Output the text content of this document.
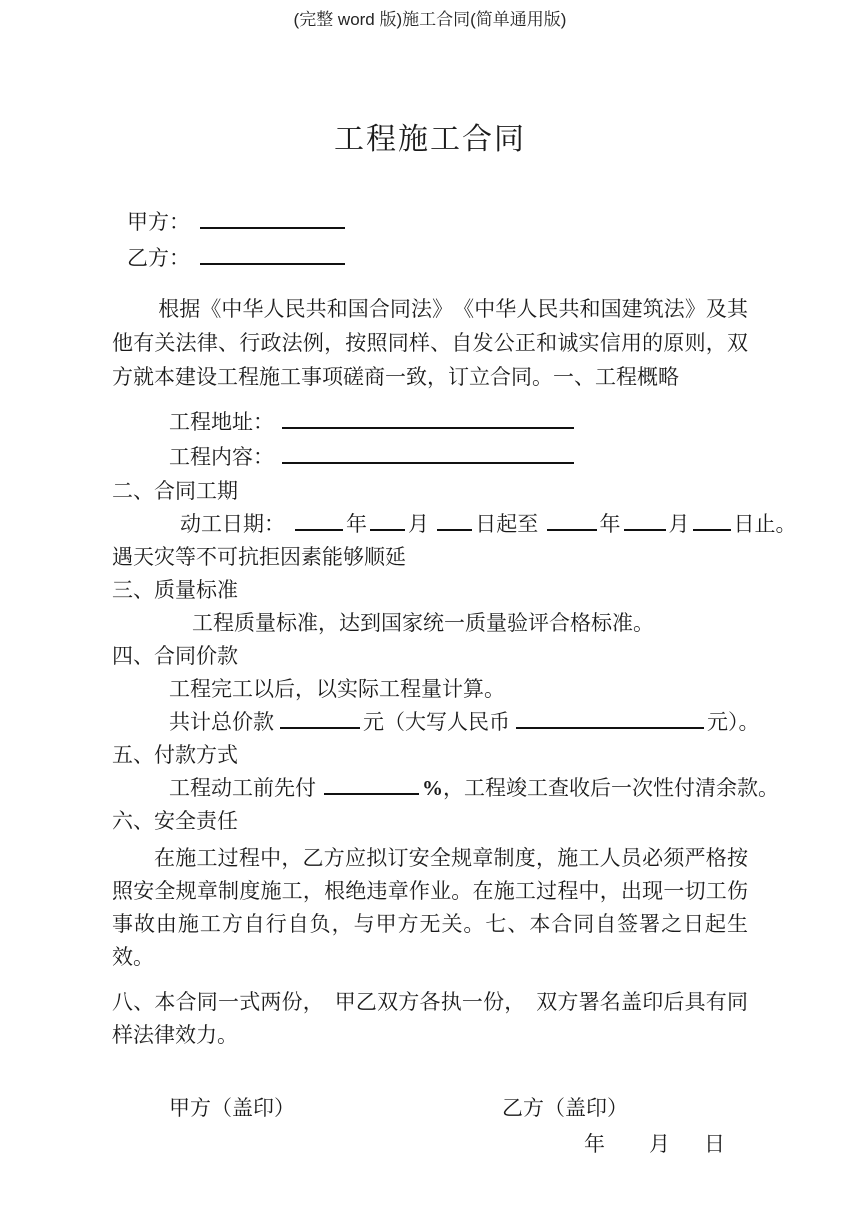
(完整 word 版)施工合同(简单通用版)
工程施工合同
甲方：
乙方：

根据《中华人民共和国合同法》　《中华人民共和国建筑法》及其他有关法律、行政法例，按照同样、自发公正和诚实信用的原则，双方就本建设工程施工事项磋商一致，订立合同。一、工程概略

工程地址：
工程内容：
二、合同工期
动工日期：	年 月 日起至	年 月 日止。
遇天灾等不可抗拒因素能够顺延
三、质量标准
工程质量标准，达到国家统一质量验评合格标准。
四、合同价款
工程完工以后，以实际工程量计算。
共计总价款	元（大写人民币	元）。
五、付款方式
工程动工前先付	%，工程竣工查收后一次性付清余款。
六、安全责任

在施工过程中，乙方应拟订安全规章制度，施工人员必须严格按照安全规章制度施工，根绝违章作业。在施工过程中，出现一切工伤事故由施工方自行自负，与甲方无关。七、本合同自签署之日起生效。

八、本合同一式两份，　甲乙双方各执一份，　双方署名盖印后具有同样法律效力。

甲方（盖印）	乙方（盖印）
年 月 日
